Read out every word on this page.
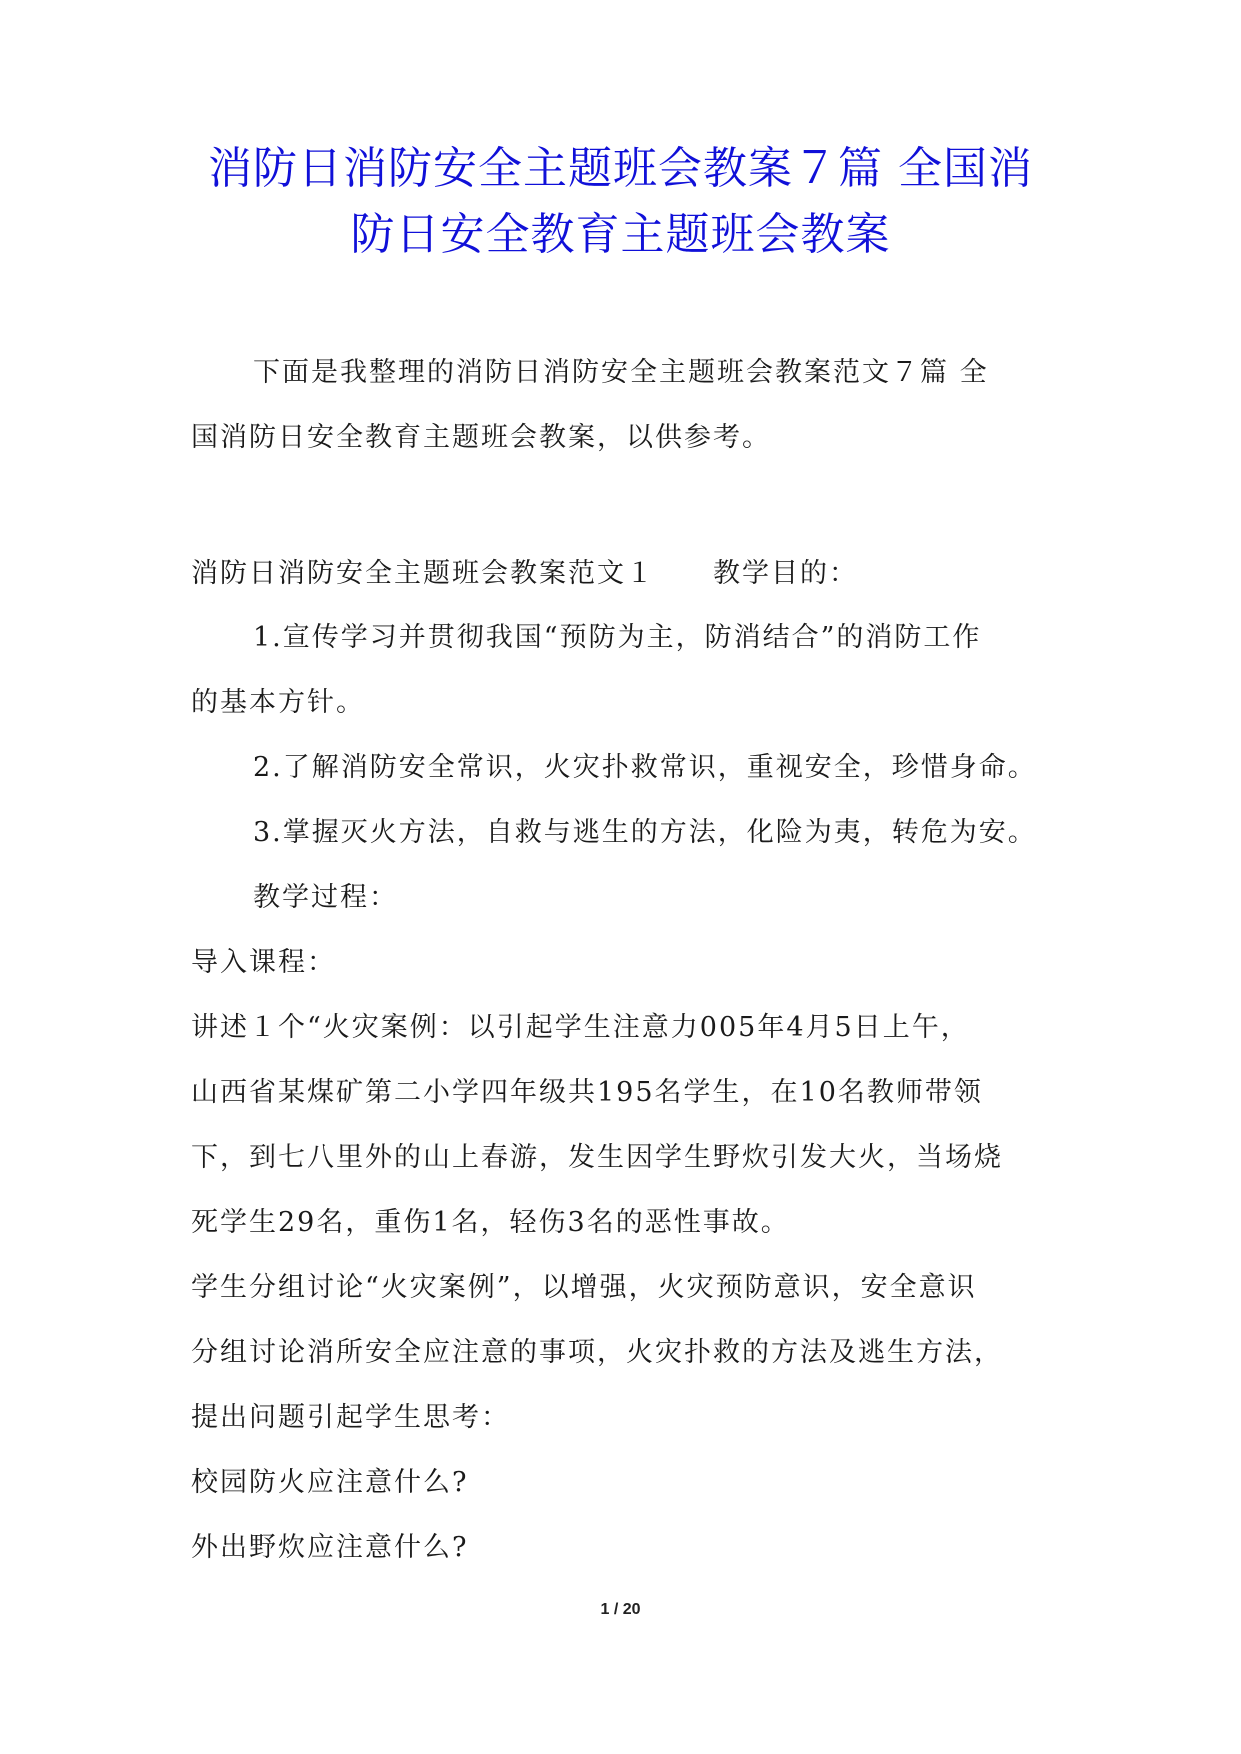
消防日消防安全主题班会教案７篇 全国消
防日安全教育主题班会教案

下面是我整理的消防日消防安全主题班会教案范文７篇 全

国消防日安全教育主题班会教案，以供参考。

消防日消防安全主题班会教案范文１　　教学目的：

1.宣传学习并贯彻我国“预防为主，防消结合”的消防工作

的基本方针。

2.了解消防安全常识，火灾扑救常识，重视安全，珍惜身命。

3.掌握灭火方法，自救与逃生的方法，化险为夷，转危为安。

教学过程：

导入课程：

讲述１个“火灾案例：以引起学生注意力005年4月5日上午，

山西省某煤矿第二小学四年级共195名学生，在10名教师带领

下，到七八里外的山上春游，发生因学生野炊引发大火，当场烧

死学生29名，重伤1名，轻伤3名的恶性事故。

学生分组讨论“火灾案例”，以增强，火灾预防意识，安全意识

分组讨论消所安全应注意的事项，火灾扑救的方法及逃生方法，

提出问题引起学生思考：

校园防火应注意什么?

外出野炊应注意什么?

1 / 20
